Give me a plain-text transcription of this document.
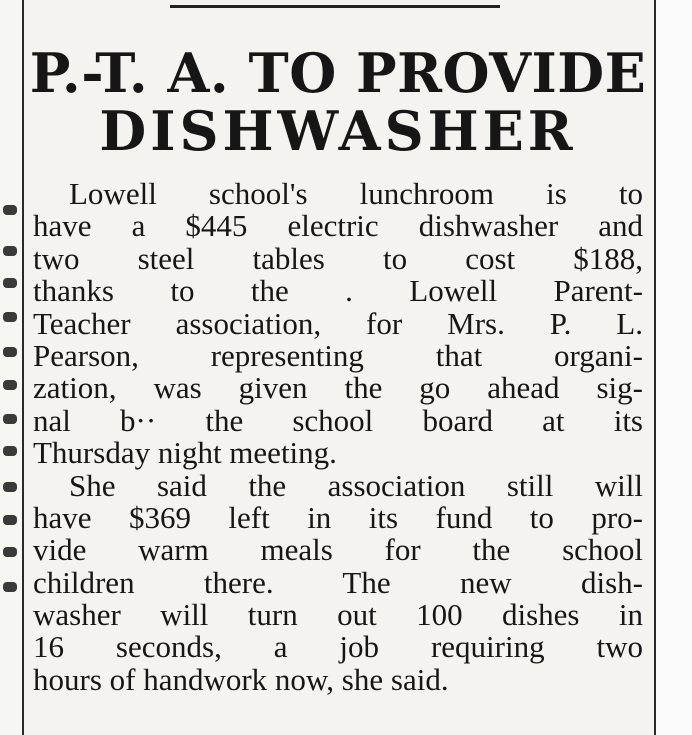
P.-T. A. TO PROVIDE
DISHWASHER
Lowell school's lunchroom is to
have a $445 electric dishwasher and
two steel tables to cost $188,
thanks to the . Lowell Parent-
Teacher association, for Mrs. P. L.
Pearson, representing that organi-
zation, was given the go ahead sig-
nal b·· the school board at its
Thursday night meeting.
She said the association still will
have $369 left in its fund to pro-
vide warm meals for the school
children there. The new dish-
washer will turn out 100 dishes in
16 seconds, a job requiring two
hours of handwork now, she said.
